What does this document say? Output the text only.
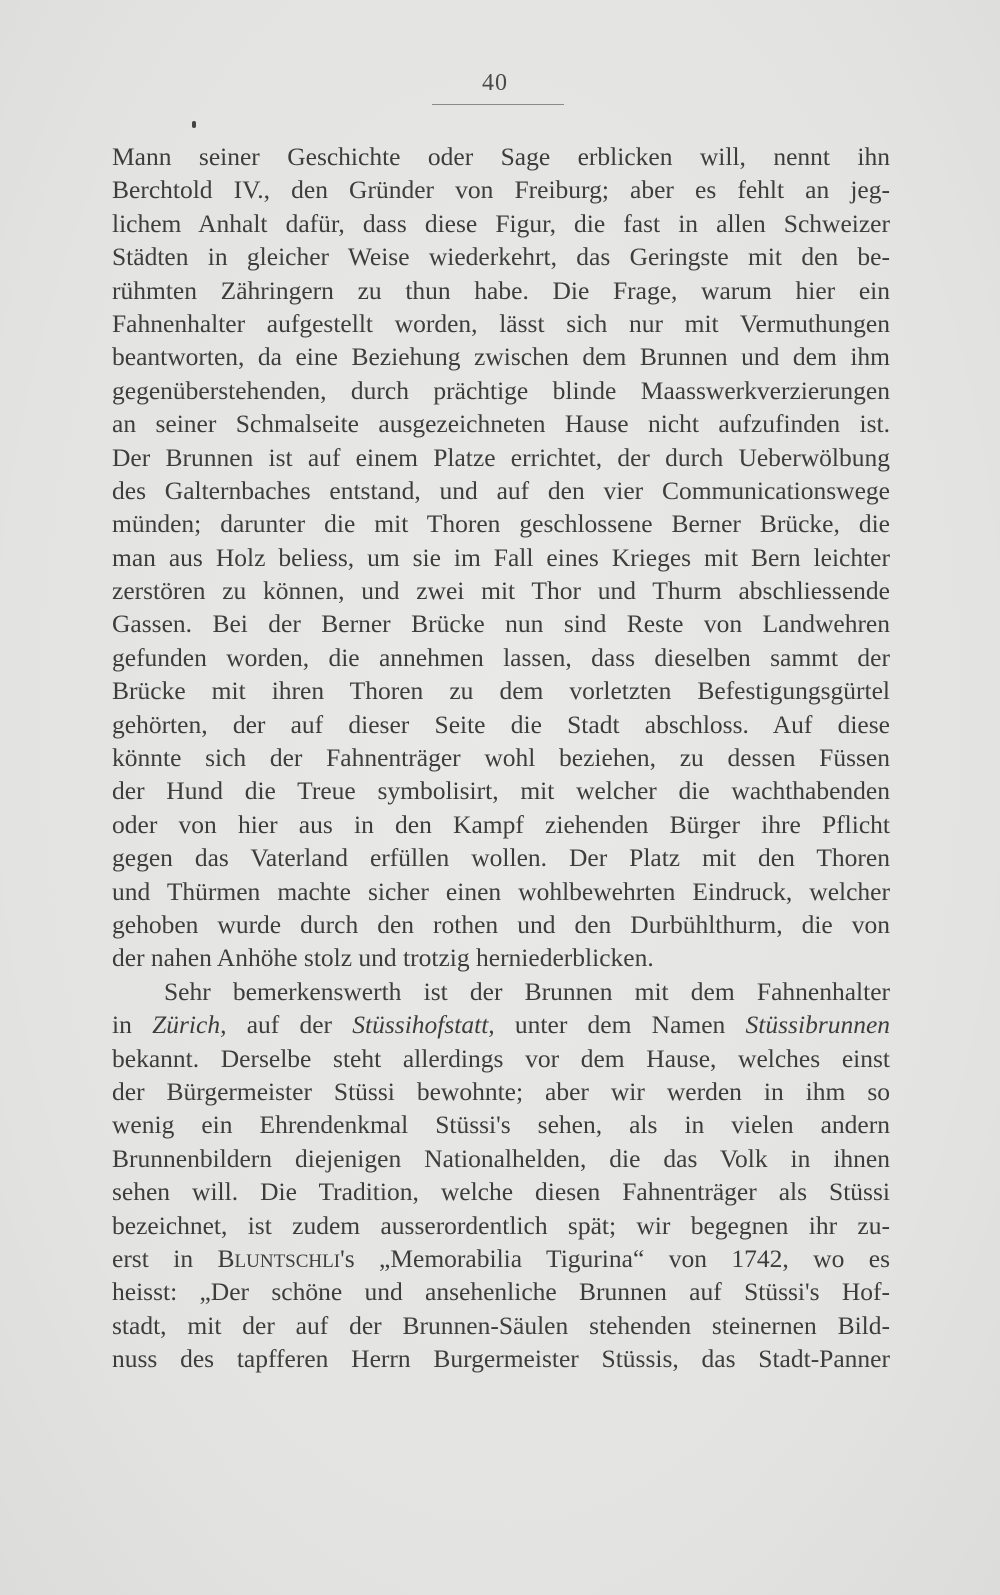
40
Mann seiner Geschichte oder Sage erblicken will, nennt ihn
Berchtold IV., den Gründer von Freiburg; aber es fehlt an jeg-
lichem Anhalt dafür, dass diese Figur, die fast in allen Schweizer
Städten in gleicher Weise wiederkehrt, das Geringste mit den be-
rühmten Zähringern zu thun habe. Die Frage, warum hier ein
Fahnenhalter aufgestellt worden, lässt sich nur mit Vermuthungen
beantworten, da eine Beziehung zwischen dem Brunnen und dem ihm
gegenüberstehenden, durch prächtige blinde Maasswerkverzierungen
an seiner Schmalseite ausgezeichneten Hause nicht aufzufinden ist.
Der Brunnen ist auf einem Platze errichtet, der durch Ueberwölbung
des Galternbaches entstand, und auf den vier Communicationswege
münden; darunter die mit Thoren geschlossene Berner Brücke, die
man aus Holz beliess, um sie im Fall eines Krieges mit Bern leichter
zerstören zu können, und zwei mit Thor und Thurm abschliessende
Gassen. Bei der Berner Brücke nun sind Reste von Landwehren
gefunden worden, die annehmen lassen, dass dieselben sammt der
Brücke mit ihren Thoren zu dem vorletzten Befestigungsgürtel
gehörten, der auf dieser Seite die Stadt abschloss. Auf diese
könnte sich der Fahnenträger wohl beziehen, zu dessen Füssen
der Hund die Treue symbolisirt, mit welcher die wachthabenden
oder von hier aus in den Kampf ziehenden Bürger ihre Pflicht
gegen das Vaterland erfüllen wollen. Der Platz mit den Thoren
und Thürmen machte sicher einen wohlbewehrten Eindruck, welcher
gehoben wurde durch den rothen und den Durbühlthurm, die von
der nahen Anhöhe stolz und trotzig herniederblicken.
Sehr bemerkenswerth ist der Brunnen mit dem Fahnenhalter
in Zürich, auf der Stüssihofstatt, unter dem Namen Stüssibrunnen
bekannt. Derselbe steht allerdings vor dem Hause, welches einst
der Bürgermeister Stüssi bewohnte; aber wir werden in ihm so
wenig ein Ehrendenkmal Stüssi's sehen, als in vielen andern
Brunnenbildern diejenigen Nationalhelden, die das Volk in ihnen
sehen will. Die Tradition, welche diesen Fahnenträger als Stüssi
bezeichnet, ist zudem ausserordentlich spät; wir begegnen ihr zu-
erst in BLUNTSCHLI's „Memorabilia Tigurina“ von 1742, wo es
heisst: „Der schöne und ansehenliche Brunnen auf Stüssi's Hof-
stadt, mit der auf der Brunnen-Säulen stehenden steinernen Bild-
nuss des tapfferen Herrn Burgermeister Stüssis, das Stadt-Panner
